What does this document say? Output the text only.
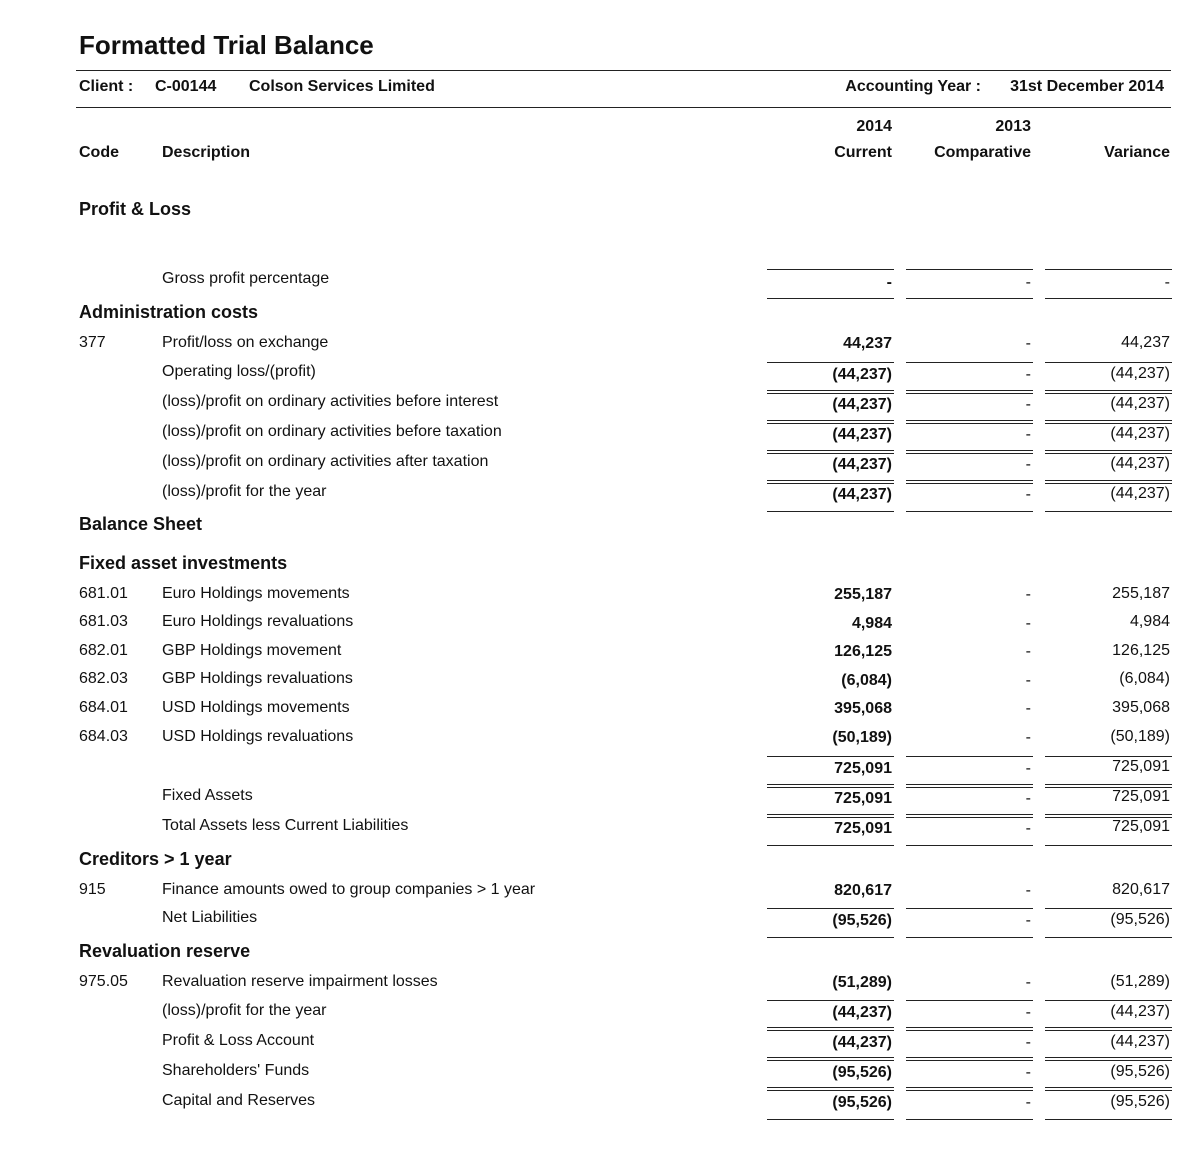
Formatted Trial Balance
Client : C-00144 Colson Services Limited	Accounting Year : 31st December 2014
2014	2013
Code	Description	Current	Comparative	Variance
Profit & Loss
Administration costs
Balance Sheet
Fixed asset investments
Creditors > 1 year
Revaluation reserve
Gross profit percentage	-	-	-
377	Profit/loss on exchange	44,237	-	44,237
Operating loss/(profit)	(44,237)	-	(44,237)
(loss)/profit on ordinary activities before interest	(44,237)	-	(44,237)
(loss)/profit on ordinary activities before taxation	(44,237)	-	(44,237)
(loss)/profit on ordinary activities after taxation	(44,237)	-	(44,237)
(loss)/profit for the year	(44,237)	-	(44,237)
681.01 Euro Holdings movements	255,187	-	255,187
681.03 Euro Holdings revaluations	4,984	-	4,984
682.01 GBP Holdings movement	126,125	-	126,125
682.03 GBP Holdings revaluations	(6,084)	-	(6,084)
684.01 USD Holdings movements	395,068	-	395,068
684.03 USD Holdings revaluations	(50,189)	-	(50,189)
725,091	-	725,091
Fixed Assets	725,091	-	725,091
Total Assets less Current Liabilities	725,091	-	725,091
915	Finance amounts owed to group companies > 1 year	820,617	-	820,617
Net Liabilities	(95,526)	-	(95,526)
975.05 Revaluation reserve impairment losses	(51,289)	-	(51,289)
(loss)/profit for the year	(44,237)	-	(44,237)
Profit & Loss Account	(44,237)	-	(44,237)
Shareholders' Funds	(95,526)	-	(95,526)
Capital and Reserves	(95,526)	-	(95,526)
